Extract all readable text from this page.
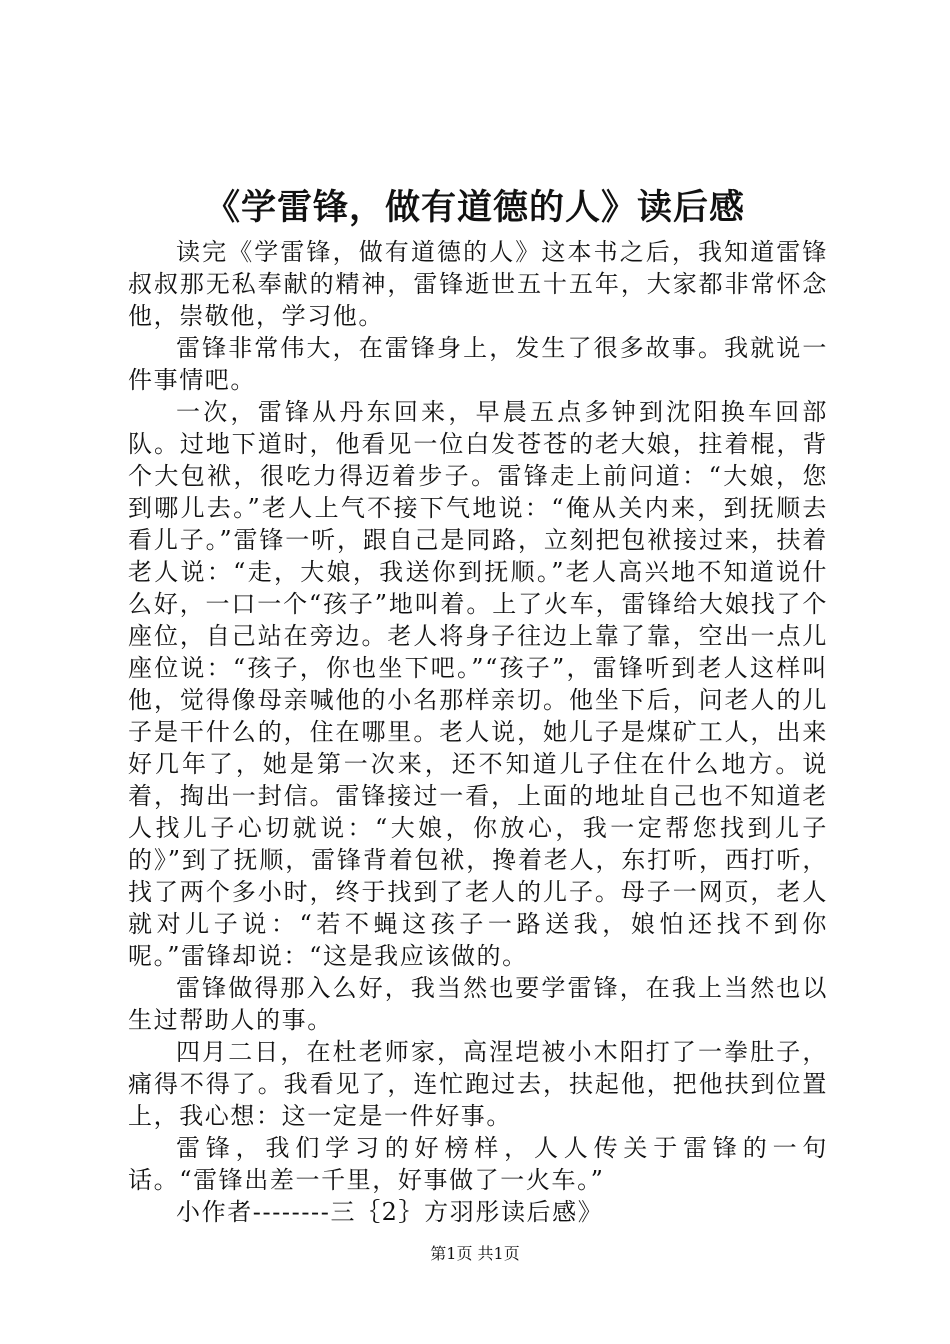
《学雷锋，做有道德的人》读后感

读完《学雷锋，做有道德的人》这本书之后，我知道雷锋叔叔那无私奉献的精神，雷锋逝世五十五年，大家都非常怀念他，崇敬他，学习他。

雷锋非常伟大，在雷锋身上，发生了很多故事。我就说一件事情吧。

一次，雷锋从丹东回来，早晨五点多钟到沈阳换车回部队。过地下道时，他看见一位白发苍苍的老大娘，拄着棍，背个大包袱，很吃力得迈着步子。雷锋走上前问道：“大娘，您到哪儿去。”老人上气不接下气地说：“俺从关内来，到抚顺去看儿子。”雷锋一听，跟自己是同路，立刻把包袱接过来，扶着老人说：“走，大娘，我送你到抚顺。”老人高兴地不知道说什么好，一口一个“孩子”地叫着。上了火车，雷锋给大娘找了个座位，自己站在旁边。老人将身子往边上靠了靠，空出一点儿座位说：“孩子，你也坐下吧。”“孩子”，雷锋听到老人这样叫他，觉得像母亲喊他的小名那样亲切。他坐下后，问老人的儿子是干什么的，住在哪里。老人说，她儿子是煤矿工人，出来好几年了，她是第一次来，还不知道儿子住在什么地方。说着，掏出一封信。雷锋接过一看，上面的地址自己也不知道老人找儿子心切就说：“大娘，你放心，我一定帮您找到儿子的》”到了抚顺，雷锋背着包袱，搀着老人，东打听，西打听，找了两个多小时，终于找到了老人的儿子。母子一网页，老人就对儿子说：“若不蝇这孩子一路送我，娘怕还找不到你呢。”雷锋却说：“这是我应该做的。

雷锋做得那入么好，我当然也要学雷锋，在我上当然也以生过帮助人的事。

四月二日，在杜老师家，高涅垲被小木阳打了一拳肚子，痛得不得了。我看见了，连忙跑过去，扶起他，把他扶到位置上，我心想：这一定是一件好事。

雷锋，我们学习的好榜样，人人传关于雷锋的一句话。“雷锋出差一千里，好事做了一火车。”

小作者--------三｛2｝方羽彤读后感》

第1页 共1页
